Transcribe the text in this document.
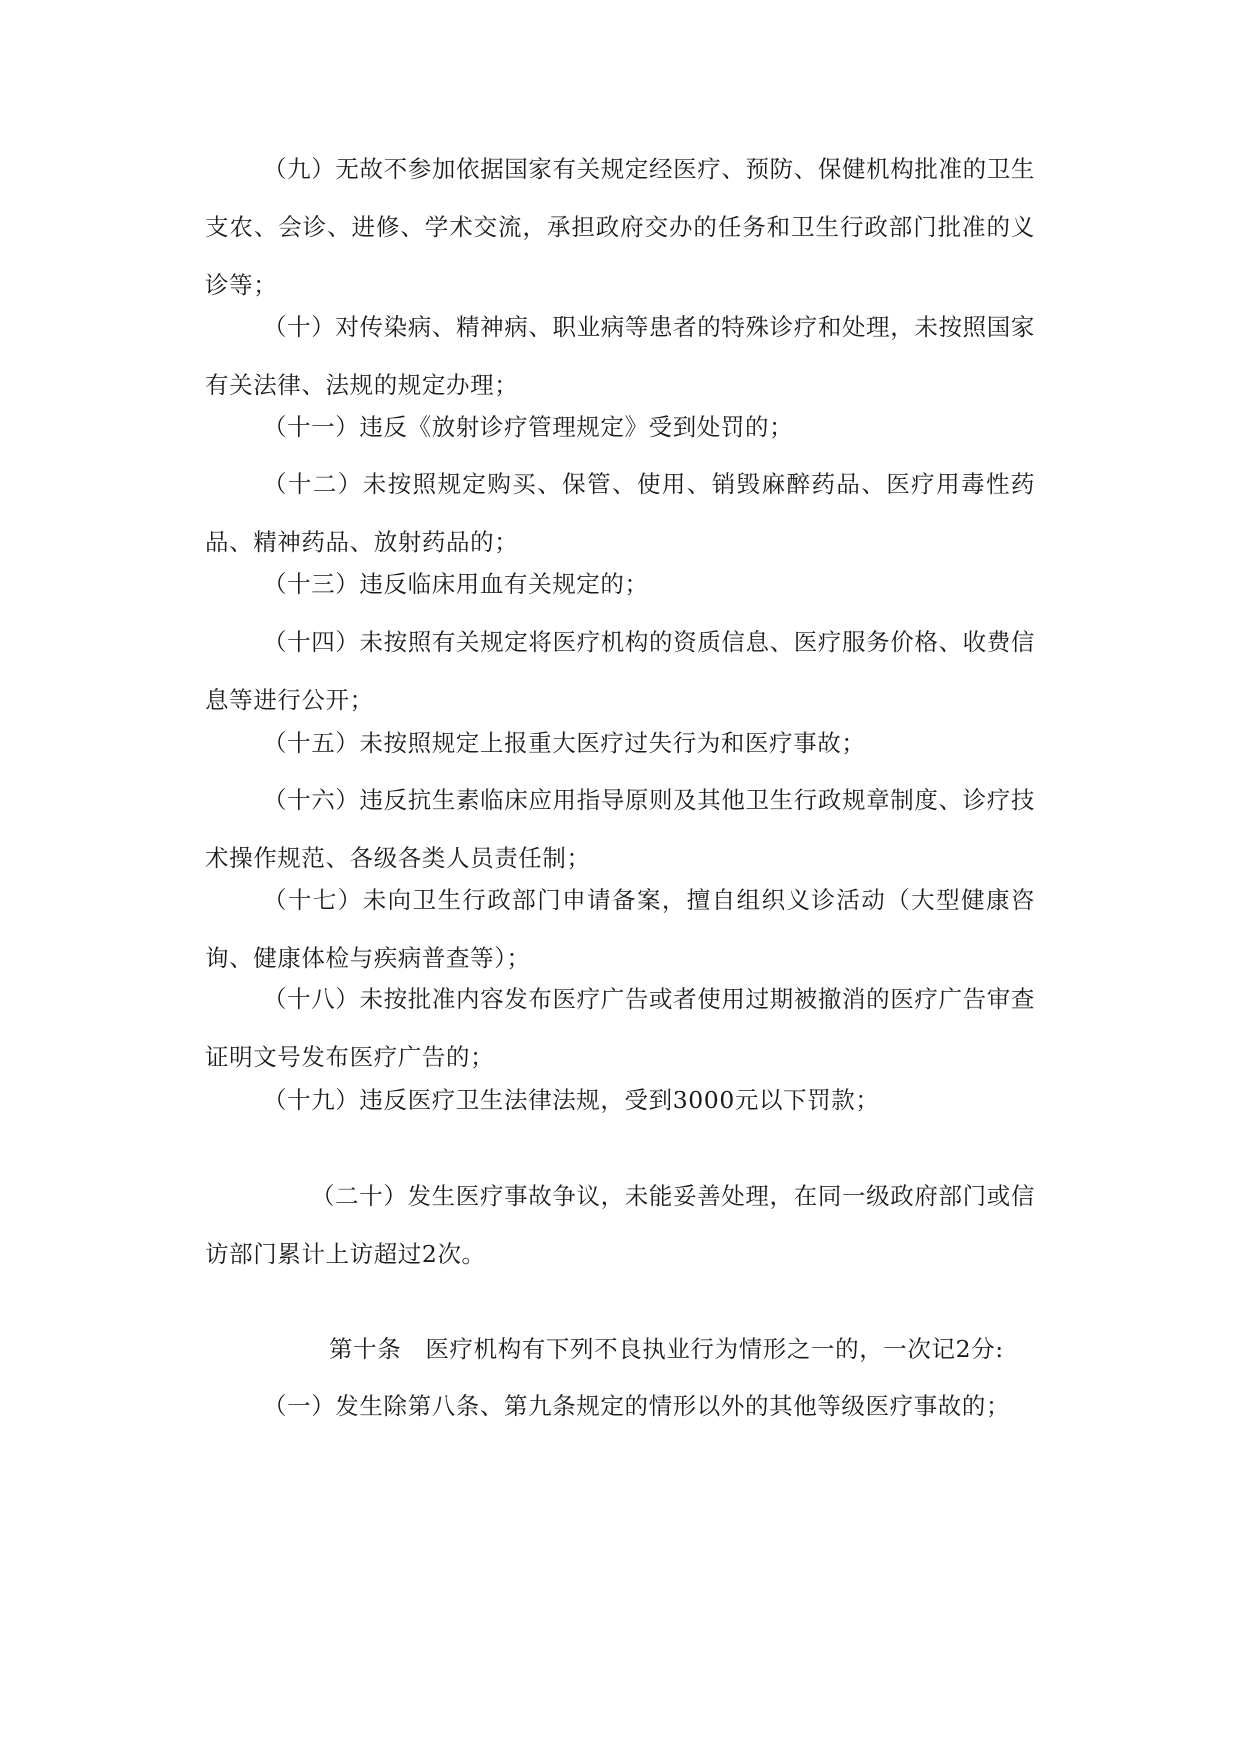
（九）无故不参加依据国家有关规定经医疗、预防、保健机构批准的卫生支农、会诊、进修、学术交流，承担政府交办的任务和卫生行政部门批准的义诊等；

（十）对传染病、精神病、职业病等患者的特殊诊疗和处理，未按照国家有关法律、法规的规定办理；

（十一）违反《放射诊疗管理规定》受到处罚的；

（十二）未按照规定购买、保管、使用、销毁麻醉药品、医疗用毒性药品、精神药品、放射药品的；

（十三）违反临床用血有关规定的；

（十四）未按照有关规定将医疗机构的资质信息、医疗服务价格、收费信息等进行公开；

（十五）未按照规定上报重大医疗过失行为和医疗事故；

（十六）违反抗生素临床应用指导原则及其他卫生行政规章制度、诊疗技术操作规范、各级各类人员责任制；

（十七）未向卫生行政部门申请备案，擅自组织义诊活动（大型健康咨询、健康体检与疾病普查等）；

（十八）未按批准内容发布医疗广告或者使用过期被撤消的医疗广告审查证明文号发布医疗广告的；

（十九）违反医疗卫生法律法规，受到3000元以下罚款；

（二十）发生医疗事故争议，未能妥善处理，在同一级政府部门或信访部门累计上访超过2次。

第十条　医疗机构有下列不良执业行为情形之一的，一次记2分:

（一）发生除第八条、第九条规定的情形以外的其他等级医疗事故的；
